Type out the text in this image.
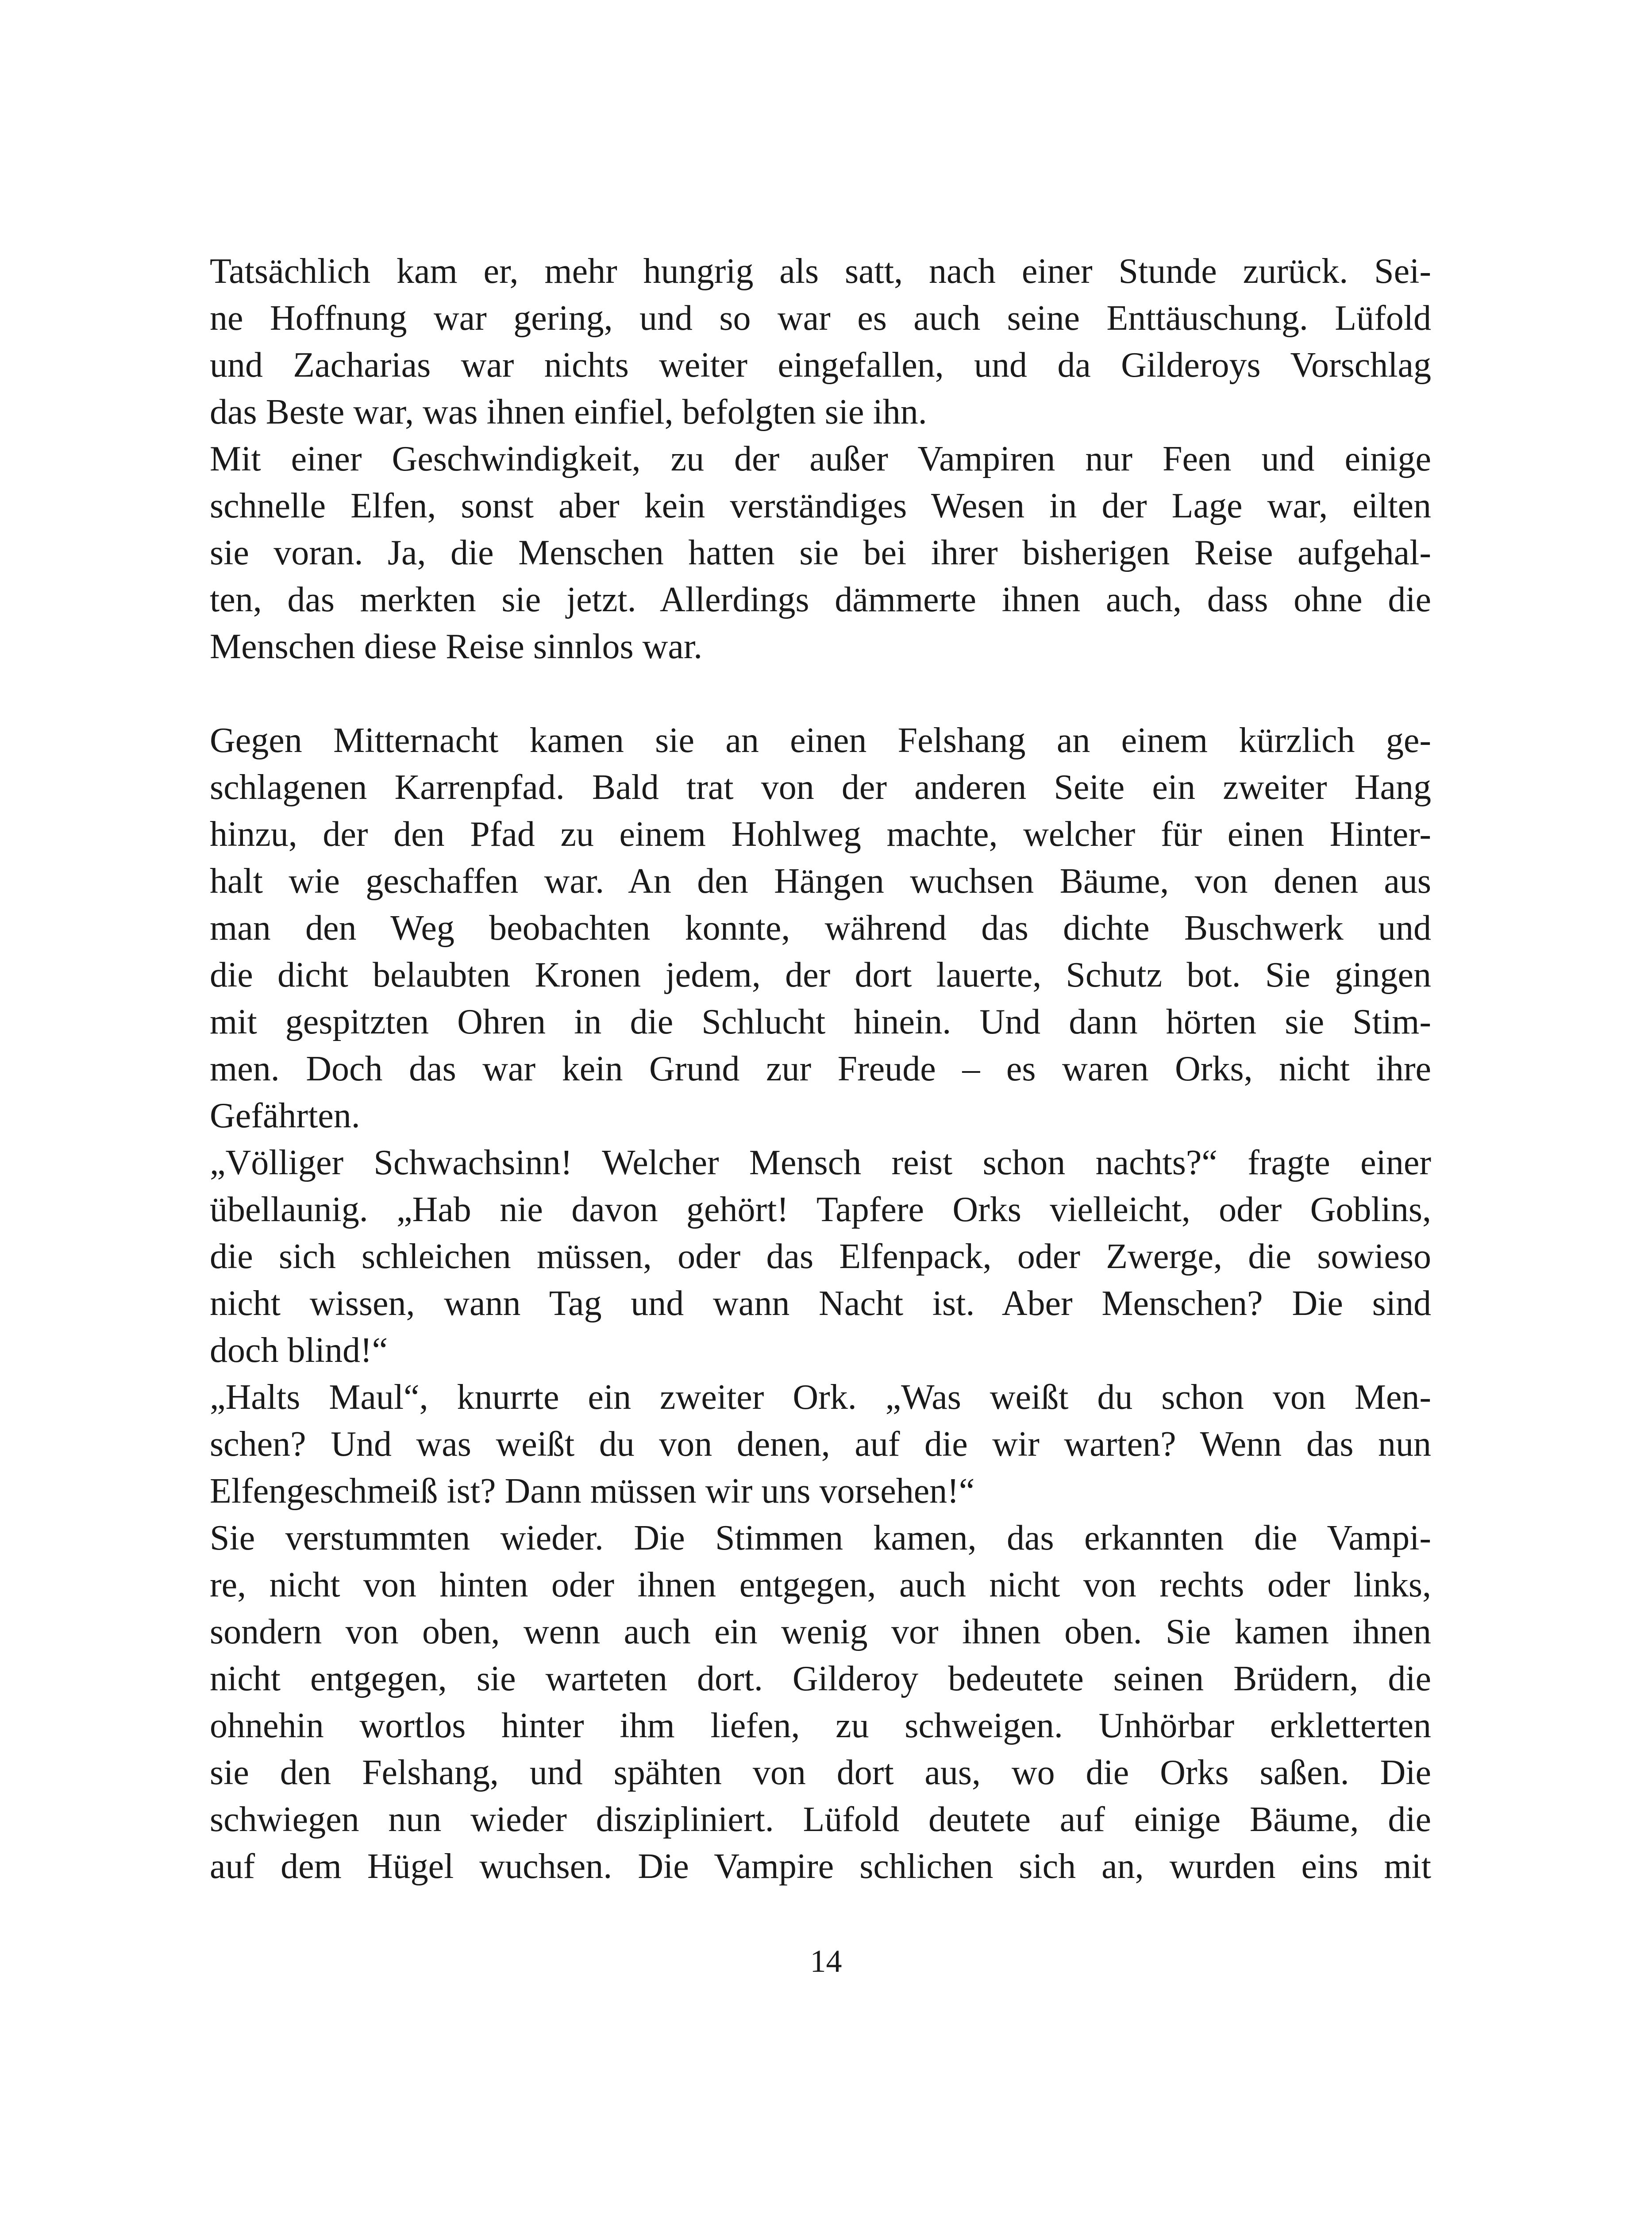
Tatsächlich kam er, mehr hungrig als satt, nach einer Stunde zurück. Sei-
ne Hoffnung war gering, und so war es auch seine Enttäuschung. Lüfold
und Zacharias war nichts weiter eingefallen, und da Gilderoys Vorschlag
das Beste war, was ihnen einfiel, befolgten sie ihn.
Mit einer Geschwindigkeit, zu der außer Vampiren nur Feen und einige
schnelle Elfen, sonst aber kein verständiges Wesen in der Lage war, eilten
sie voran. Ja, die Menschen hatten sie bei ihrer bisherigen Reise aufgehal-
ten, das merkten sie jetzt. Allerdings dämmerte ihnen auch, dass ohne die
Menschen diese Reise sinnlos war.
Gegen Mitternacht kamen sie an einen Felshang an einem kürzlich ge-
schlagenen Karrenpfad. Bald trat von der anderen Seite ein zweiter Hang
hinzu, der den Pfad zu einem Hohlweg machte, welcher für einen Hinter-
halt wie geschaffen war. An den Hängen wuchsen Bäume, von denen aus
man den Weg beobachten konnte, während das dichte Buschwerk und
die dicht belaubten Kronen jedem, der dort lauerte, Schutz bot. Sie gingen
mit gespitzten Ohren in die Schlucht hinein. Und dann hörten sie Stim-
men. Doch das war kein Grund zur Freude – es waren Orks, nicht ihre
Gefährten.
„Völliger Schwachsinn! Welcher Mensch reist schon nachts?“ fragte einer
übellaunig. „Hab nie davon gehört! Tapfere Orks vielleicht, oder Goblins,
die sich schleichen müssen, oder das Elfenpack, oder Zwerge, die sowieso
nicht wissen, wann Tag und wann Nacht ist. Aber Menschen? Die sind
doch blind!“
„Halts Maul“, knurrte ein zweiter Ork. „Was weißt du schon von Men-
schen? Und was weißt du von denen, auf die wir warten? Wenn das nun
Elfengeschmeiß ist? Dann müssen wir uns vorsehen!“
Sie verstummten wieder. Die Stimmen kamen, das erkannten die Vampi-
re, nicht von hinten oder ihnen entgegen, auch nicht von rechts oder links,
sondern von oben, wenn auch ein wenig vor ihnen oben. Sie kamen ihnen
nicht entgegen, sie warteten dort. Gilderoy bedeutete seinen Brüdern, die
ohnehin wortlos hinter ihm liefen, zu schweigen. Unhörbar erkletterten
sie den Felshang, und spähten von dort aus, wo die Orks saßen. Die
schwiegen nun wieder diszipliniert. Lüfold deutete auf einige Bäume, die
auf dem Hügel wuchsen. Die Vampire schlichen sich an, wurden eins mit
14
